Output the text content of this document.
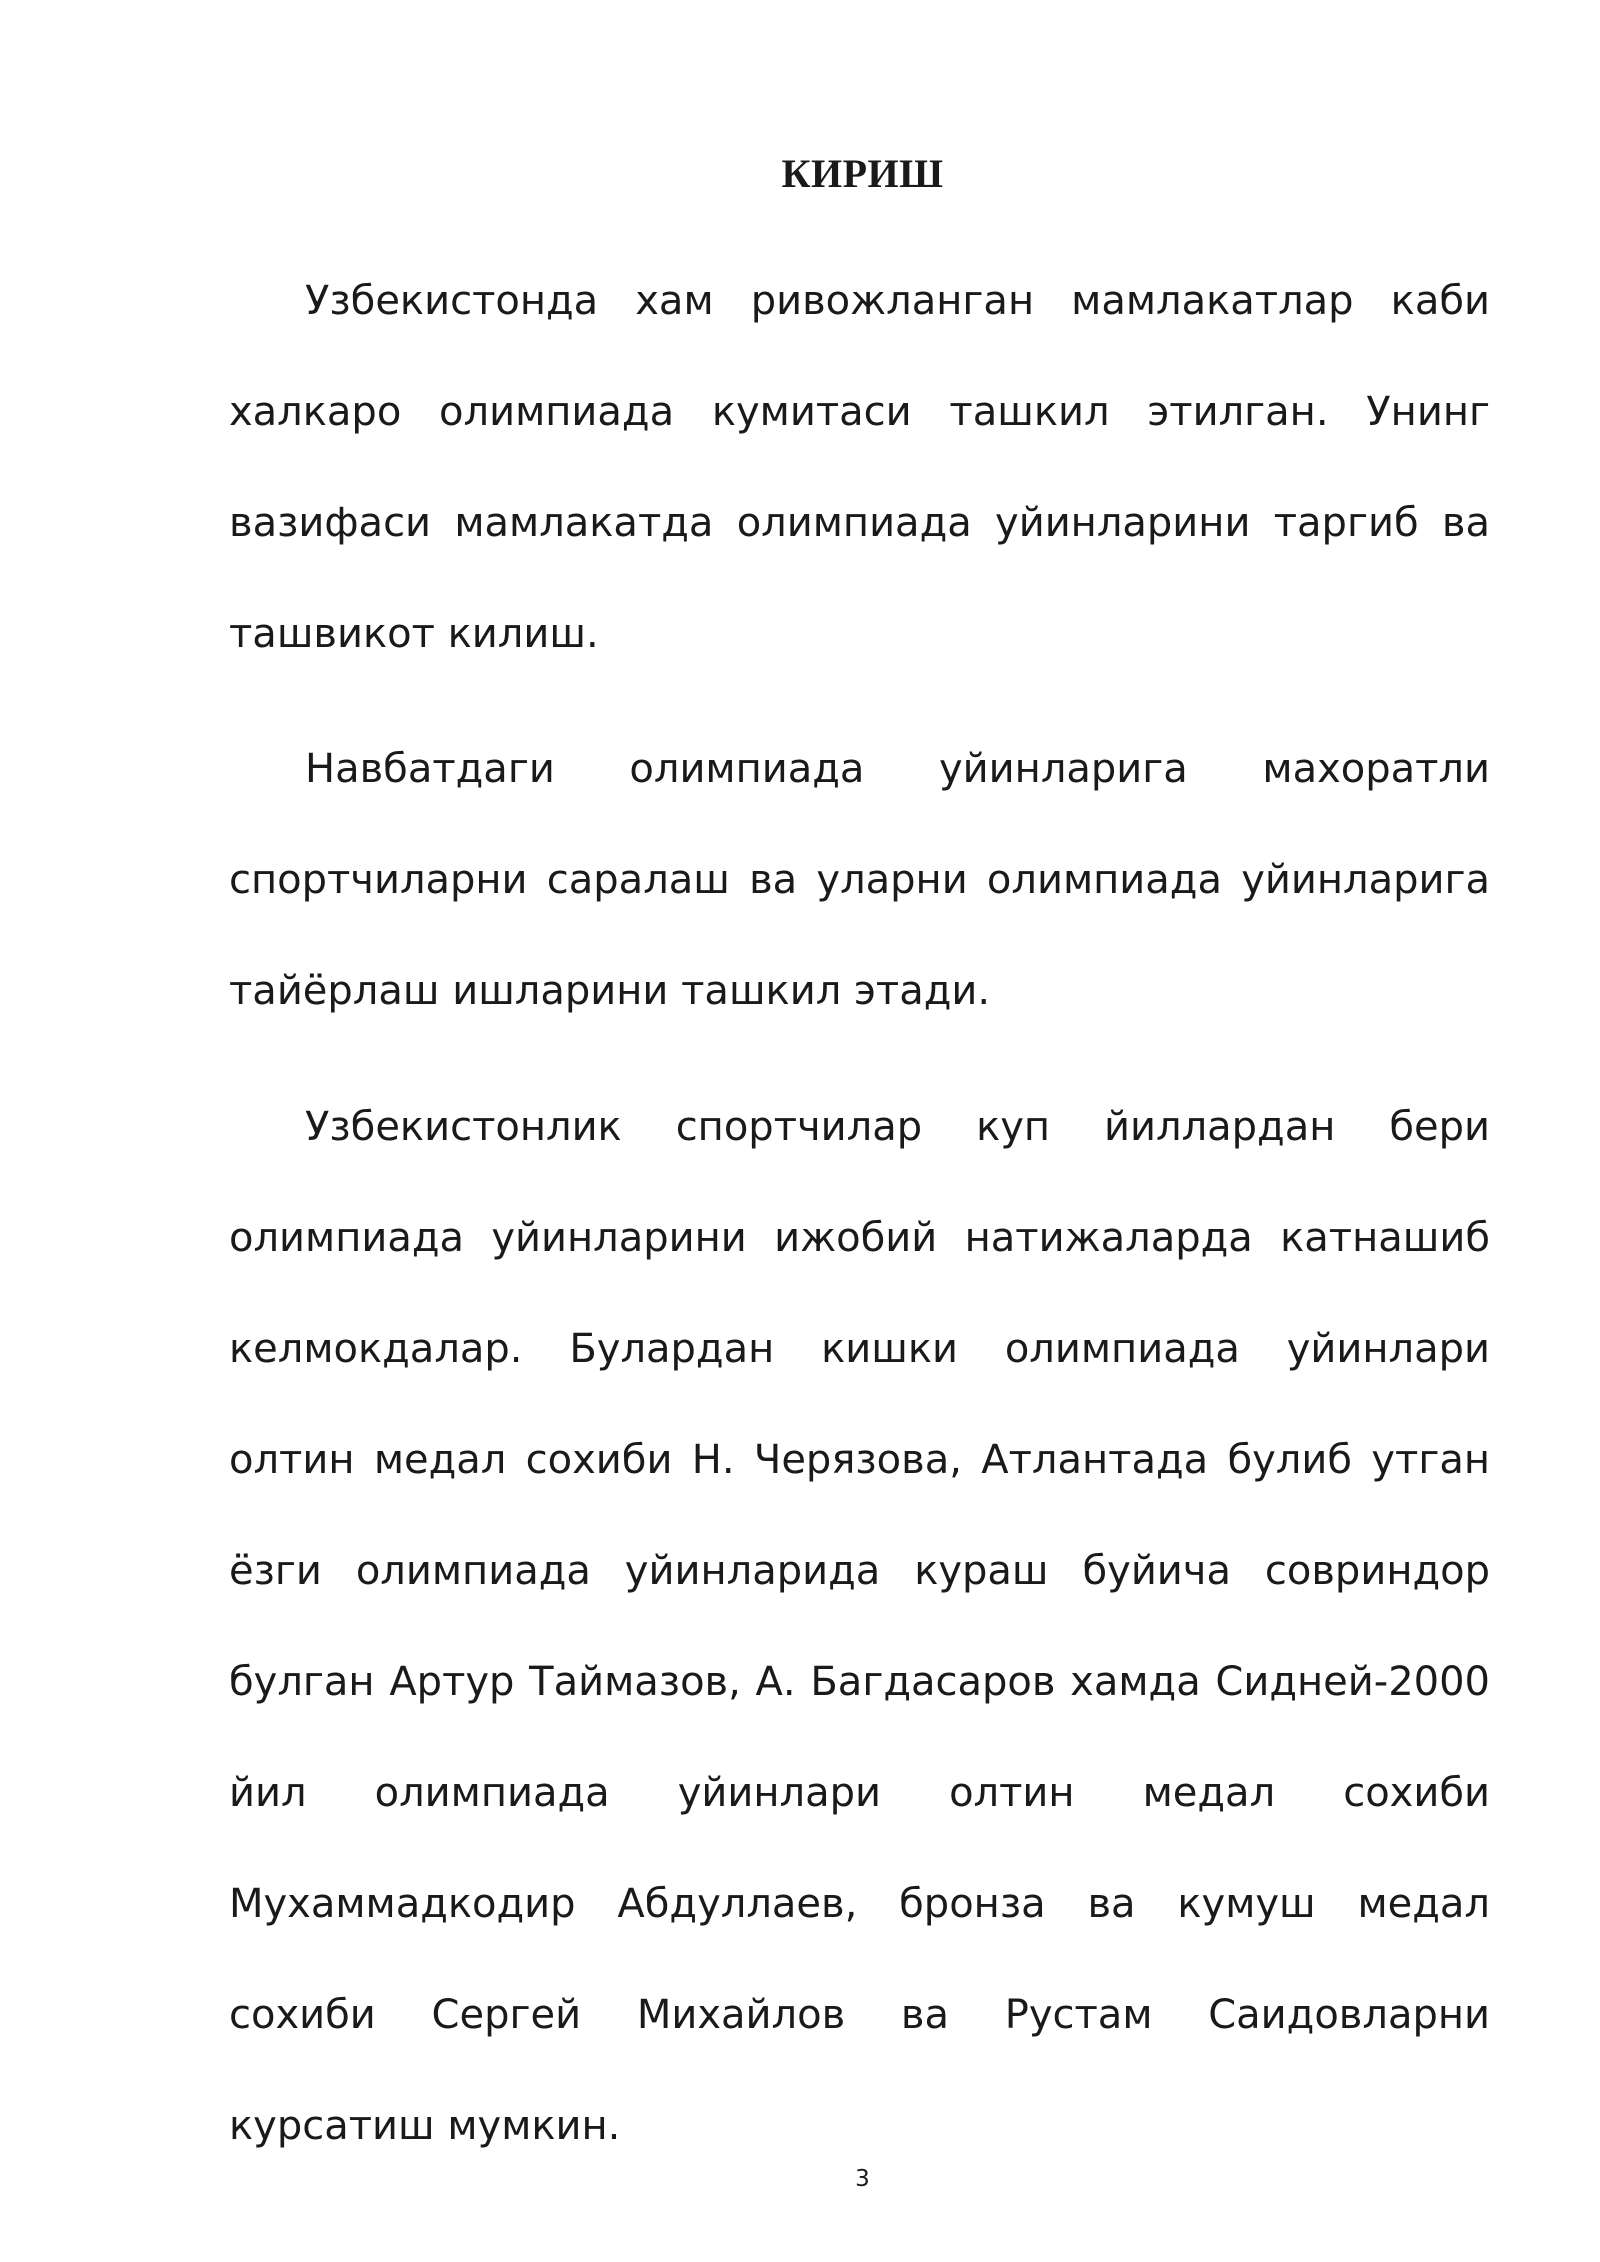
КИРИШ

Узбекистонда хам ривожланган мамлакатлар каби халкаро олимпиада кумитаси ташкил этилган. Унинг вазифаси мамлакатда олимпиада уйинларини таргиб ва ташвикот килиш.

Навбатдаги олимпиада уйинларига махоратли спортчиларни саралаш ва уларни олимпиада уйинларига тайёрлаш ишларини ташкил этади.

Узбекистонлик спортчилар куп йиллардан бери олимпиада уйинларини ижобий натижаларда катнашиб келмокдалар. Булардан кишки олимпиада уйинлари олтин медал сохиби Н. Черязова, Атлантада булиб утган ёзги олимпиада уйинларида кураш буйича совриндор булган Артур Таймазов, А. Багдасаров хамда Сидней-2000 йил олимпиада уйинлари олтин медал сохиби Мухаммадкодир Абдуллаев, бронза ва кумуш медал сохиби Сергей Михайлов ва Рустам Саидовларни курсатиш мумкин.

3
